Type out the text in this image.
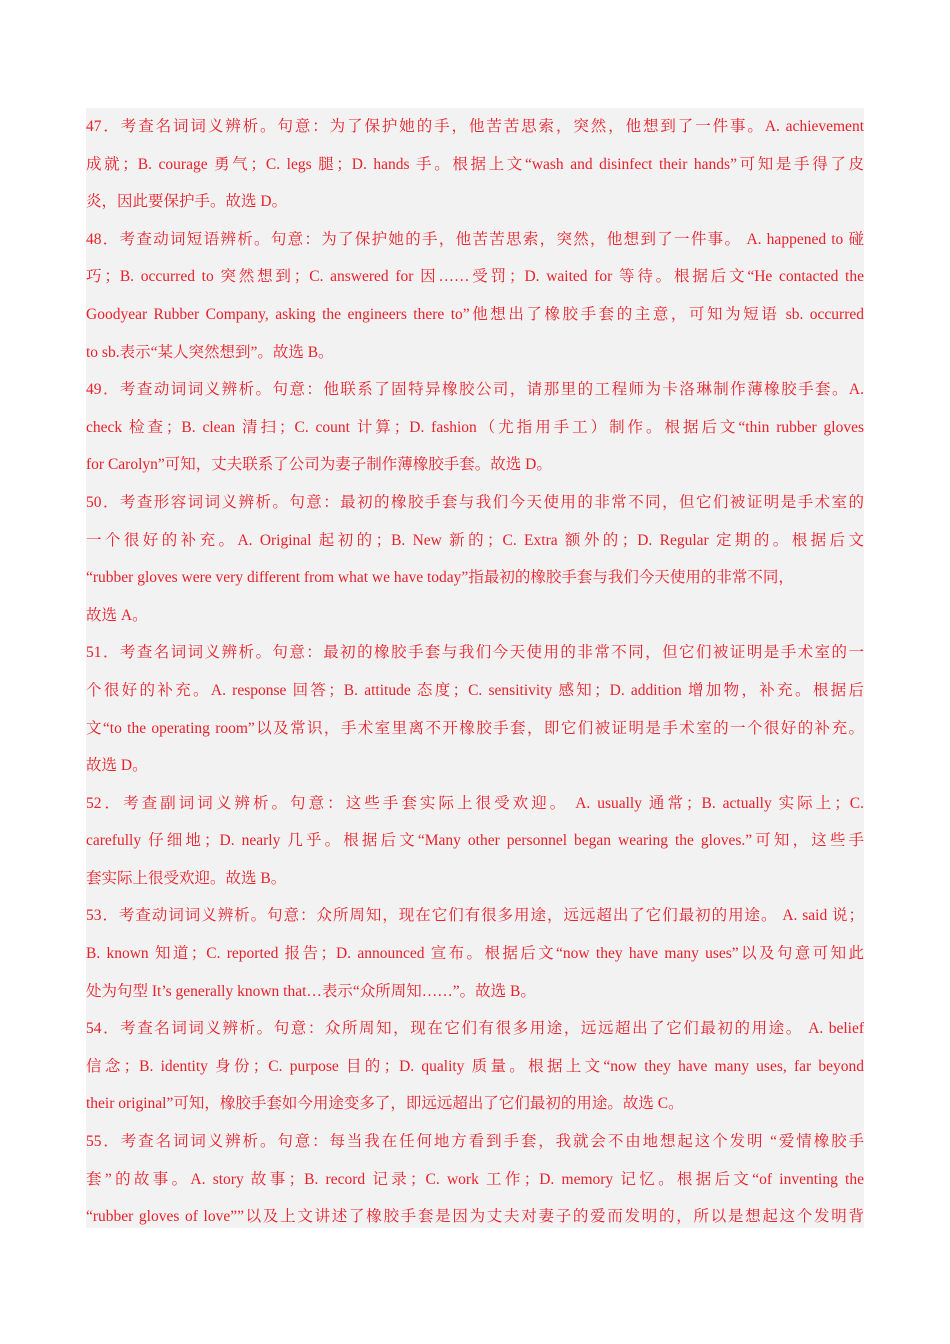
47．考查名词词义辨析。句意：为了保护她的手，他苦苦思索，突然，他想到了一件事。A. achievement
成就；B. courage 勇气；C. legs 腿；D. hands 手。根据上文“wash and disinfect their hands”可知是手得了皮
炎，因此要保护手。故选 D。
48．考查动词短语辨析。句意：为了保护她的手，他苦苦思索，突然，他想到了一件事。 A. happened to 碰
巧；B. occurred to 突然想到；C. answered for 因……受罚；D. waited for 等待。根据后文“He contacted the
Goodyear Rubber Company, asking the engineers there to”他想出了橡胶手套的主意，可知为短语 sb. occurred
to sb.表示“某人突然想到”。故选 B。
49．考查动词词义辨析。句意：他联系了固特异橡胶公司，请那里的工程师为卡洛琳制作薄橡胶手套。A.
check 检查；B. clean 清扫；C. count 计算；D. fashion（尤指用手工）制作。根据后文“thin rubber gloves
for Carolyn”可知，丈夫联系了公司为妻子制作薄橡胶手套。故选 D。
50．考查形容词词义辨析。句意：最初的橡胶手套与我们今天使用的非常不同，但它们被证明是手术室的
一个很好的补充。A. Original 起初的；B. New 新的；C. Extra 额外的；D. Regular 定期的。根据后文
“rubber gloves were very different from what we have today”指最初的橡胶手套与我们今天使用的非常不同，
故选 A。
51．考查名词词义辨析。句意：最初的橡胶手套与我们今天使用的非常不同，但它们被证明是手术室的一
个很好的补充。A. response 回答；B. attitude 态度；C. sensitivity 感知；D. addition 增加物，补充。根据后
文“to the operating room”以及常识，手术室里离不开橡胶手套，即它们被证明是手术室的一个很好的补充。
故选 D。
52．考查副词词义辨析。句意：这些手套实际上很受欢迎。 A. usually 通常；B. actually 实际上；C.
carefully 仔细地；D. nearly 几乎。根据后文“Many other personnel began wearing the gloves.”可知，这些手
套实际上很受欢迎。故选 B。
53．考查动词词义辨析。句意：众所周知，现在它们有很多用途，远远超出了它们最初的用途。 A. said 说；
B. known 知道；C. reported 报告；D. announced 宣布。根据后文“now they have many uses”以及句意可知此
处为句型 It’s generally known that…表示“众所周知……”。故选 B。
54．考查名词词义辨析。句意：众所周知，现在它们有很多用途，远远超出了它们最初的用途。 A. belief
信念；B. identity 身份；C. purpose 目的；D. quality 质量。根据上文“now they have many uses, far beyond
their original”可知，橡胶手套如今用途变多了，即远远超出了它们最初的用途。故选 C。
55．考查名词词义辨析。句意：每当我在任何地方看到手套，我就会不由地想起这个发明 “爱情橡胶手
套”的故事。A. story 故事；B. record 记录；C. work 工作；D. memory 记忆。根据后文“of inventing the
“rubber gloves of love””以及上文讲述了橡胶手套是因为丈夫对妻子的爱而发明的，所以是想起这个发明背
